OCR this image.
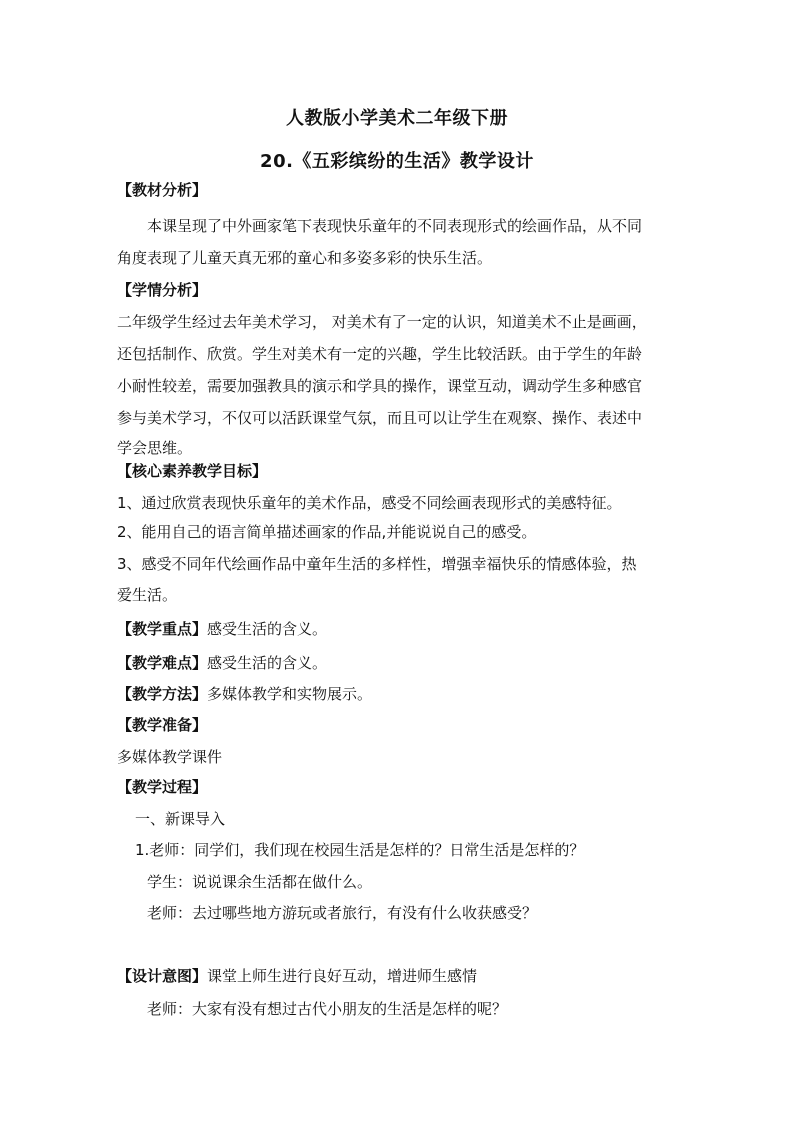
人教版小学美术二年级下册
20.《五彩缤纷的生活》教学设计
【教材分析】
本课呈现了中外画家笔下表现快乐童年的不同表现形式的绘画作品，从不同
角度表现了儿童天真无邪的童心和多姿多彩的快乐生活。
【学情分析】
二年级学生经过去年美术学习， 对美术有了一定的认识，知道美术不止是画画，
还包括制作、欣赏。学生对美术有一定的兴趣，学生比较活跃。由于学生的年龄
小耐性较差，需要加强教具的演示和学具的操作，课堂互动，调动学生多种感官
参与美术学习，不仅可以活跃课堂气氛，而且可以让学生在观察、操作、表述中
学会思维。
【核心素养教学目标】
1、通过欣赏表现快乐童年的美术作品，感受不同绘画表现形式的美感特征。
2、能用自己的语言简单描述画家的作品,并能说说自己的感受。
3、感受不同年代绘画作品中童年生活的多样性，增强幸福快乐的情感体验，热
爱生活。
【教学重点】感受生活的含义。
【教学难点】感受生活的含义。
【教学方法】多媒体教学和实物展示。
【教学准备】
多媒体教学课件
【教学过程】
一、新课导入
1.老师：同学们，我们现在校园生活是怎样的？日常生活是怎样的？
学生：说说课余生活都在做什么。
老师：去过哪些地方游玩或者旅行，有没有什么收获感受？
【设计意图】课堂上师生进行良好互动，增进师生感情
老师：大家有没有想过古代小朋友的生活是怎样的呢？
